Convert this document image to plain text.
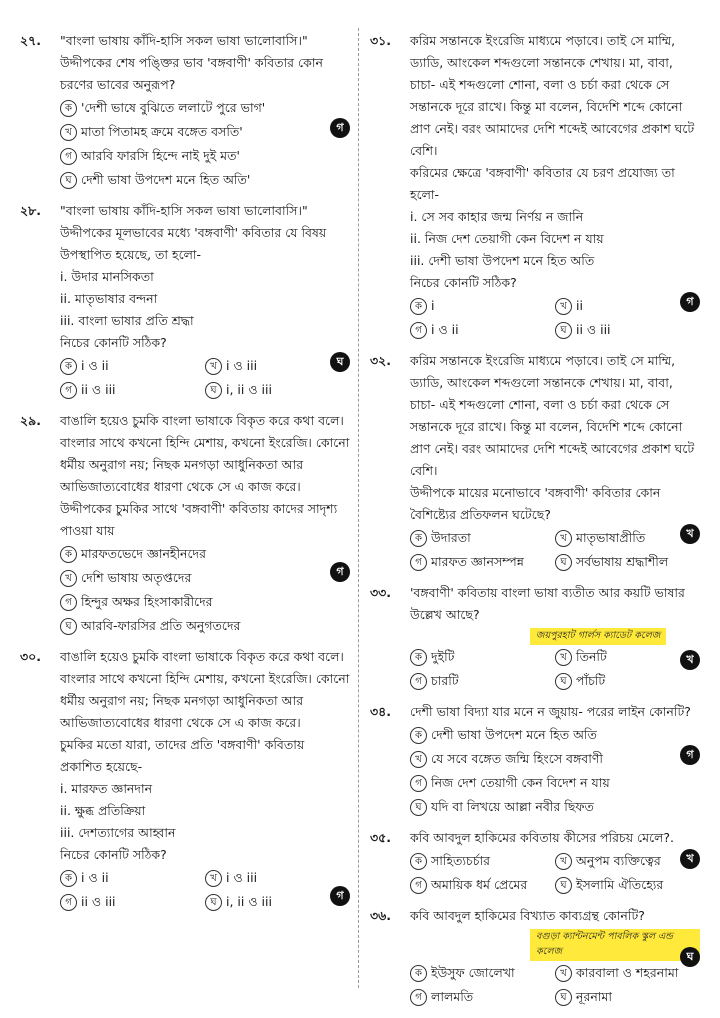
২৭.	"বাংলা ভাষায় কাঁদি-হাসি সকল ভাষা ভালোবাসি।" উদ্দীপকের শেষ পঙ্ক্তির ভাব 'বঙ্গবাণী' কবিতার কোন চরণের ভাবের অনুরূপ?

গ
ক 'দেশী ভাষে বুঝিতে ললাটে পুরে ভাগ'
খ মাতা পিতামহ ক্রমে বঙ্গেত বসতি'
গ আরবি ফারসি হিন্দে নাই দুই মত'
ঘ দেশী ভাষা উপদেশ মনে হিত অতি'
২৮.	"বাংলা ভাষায় কাঁদি-হাসি সকল ভাষা ভালোবাসি।" উদ্দীপকের মূলভাবের মধ্যে 'বঙ্গবাণী' কবিতার যে বিষয় উপস্থাপিত হয়েছে, তা হলো-

i. উদার মানসিকতা
ii. মাতৃভাষার বন্দনা
iii. বাংলা ভাষার প্রতি শ্রদ্ধা
নিচের কোনটি সঠিক?
ঘ
ক i ও ii	খ i ও iii
গ ii ও iii	ঘ i, ii ও iii
২৯.	বাঙালি হয়েও চুমকি বাংলা ভাষাকে বিকৃত করে কথা বলে। বাংলার সাথে কখনো হিন্দি মেশায়, কখনো ইংরেজি। কোনো ধর্মীয় অনুরাগ নয়; নিছক মনগড়া আধুনিকতা আর আভিজাত্যবোধের ধারণা থেকে সে এ কাজ করে।

উদ্দীপকের চুমকির সাথে 'বঙ্গবাণী' কবিতায় কাদের সাদৃশ্য পাওয়া যায়
গ
ক মারফতভেদে জ্ঞানহীনদের
খ দেশি ভাষায় অতৃপ্তদের
গ হিন্দুর অক্ষর হিংসাকারীদের
ঘ আরবি-ফারসির প্রতি অনুগতদের
৩০.	বাঙালি হয়েও চুমকি বাংলা ভাষাকে বিকৃত করে কথা বলে। বাংলার সাথে কখনো হিন্দি মেশায়, কখনো ইংরেজি। কোনো ধর্মীয় অনুরাগ নয়; নিছক মনগড়া আধুনিকতা আর আভিজাত্যবোধের ধারণা থেকে সে এ কাজ করে।

চুমকির মতো যারা, তাদের প্রতি 'বঙ্গবাণী' কবিতায় প্রকাশিত হয়েছে-
i. মারফত জ্ঞানদান
ii. ক্ষুব্ধ প্রতিক্রিয়া
iii. দেশত্যাগের আহ্বান
নিচের কোনটি সঠিক?
গ
ক i ও ii	খ i ও iii
গ ii ও iii	ঘ i, ii ও iii
৩১.	করিম সন্তানকে ইংরেজি মাধ্যমে পড়াবে। তাই সে মাম্মি, ড্যাডি, আংকেল শব্দগুলো সন্তানকে শেখায়। মা, বাবা, চাচা- এই শব্দগুলো শোনা, বলা ও চর্চা করা থেকে সে সন্তানকে দূরে রাখে। কিন্তু মা বলেন, বিদেশি শব্দে কোনো প্রাণ নেই। বরং আমাদের দেশি শব্দেই আবেগের প্রকাশ ঘটে বেশি।

করিমের ক্ষেত্রে 'বঙ্গবাণী' কবিতার যে চরণ প্রযোজ্য তা হলো-
i. সে সব কাহার জন্ম নির্ণয় ন জানি
ii. নিজ দেশ তেয়াগী কেন বিদেশ ন যায়
iii. দেশী ভাষা উপদেশ মনে হিত অতি
নিচের কোনটি সঠিক?
গ
ক i	খ ii
গ i ও ii	ঘ ii ও iii
৩২.	করিম সন্তানকে ইংরেজি মাধ্যমে পড়াবে। তাই সে মাম্মি, ড্যাডি, আংকেল শব্দগুলো সন্তানকে শেখায়। মা, বাবা, চাচা- এই শব্দগুলো শোনা, বলা ও চর্চা করা থেকে সে সন্তানকে দূরে রাখে। কিন্তু মা বলেন, বিদেশি শব্দে কোনো প্রাণ নেই। বরং আমাদের দেশি শব্দেই আবেগের প্রকাশ ঘটে বেশি।

উদ্দীপকে মায়ের মনোভাবে 'বঙ্গবাণী' কবিতার কোন বৈশিষ্ট্যের প্রতিফলন ঘটেছে?
খ
ক উদারতা	খ মাতৃভাষাপ্রীতি
গ মারফত জ্ঞানসম্পন্ন	ঘ সর্বভাষায় শ্রদ্ধাশীল
৩৩.	'বঙ্গবাণী' কবিতায় বাংলা ভাষা ব্যতীত আর কয়টি ভাষার উল্লেখ আছে?

জয়পুরহাট গার্লস ক্যাডেট কলেজ
খ
ক দুইটি	খ তিনটি
গ চারটি	ঘ পাঁচটি
৩৪.	দেশী ভাষা বিদ্যা যার মনে ন জুয়ায়- পরের লাইন কোনটি?

গ
ক দেশী ভাষা উপদেশ মনে হিত অতি
খ যে সবে বঙ্গেত জন্মি হিংসে বঙ্গবাণী
গ নিজ দেশ তেয়াগী কেন বিদেশ ন যায়
ঘ যদি বা লিখয়ে আল্লা নবীর ছিফত
৩৫.	কবি আবদুল হাকিমের কবিতায় কীসের পরিচয় মেলে?.

খ
ক সাহিত্যচর্চার	খ অনুপম ব্যক্তিত্বের
গ অমায়িক ধর্ম প্রেমের	ঘ ইসলামি ঐতিহ্যের
৩৬.	কবি আবদুল হাকিমের বিখ্যাত কাব্যগ্রন্থ কোনটি?

বগুড়া ক্যান্টনমেন্ট পাবলিক স্কুল এন্ড কলেজ	ঘ
ক ইউসুফ জোলেখা	খ কারবালা ও শহরনামা
গ লালমতি	ঘ নূরনামা
